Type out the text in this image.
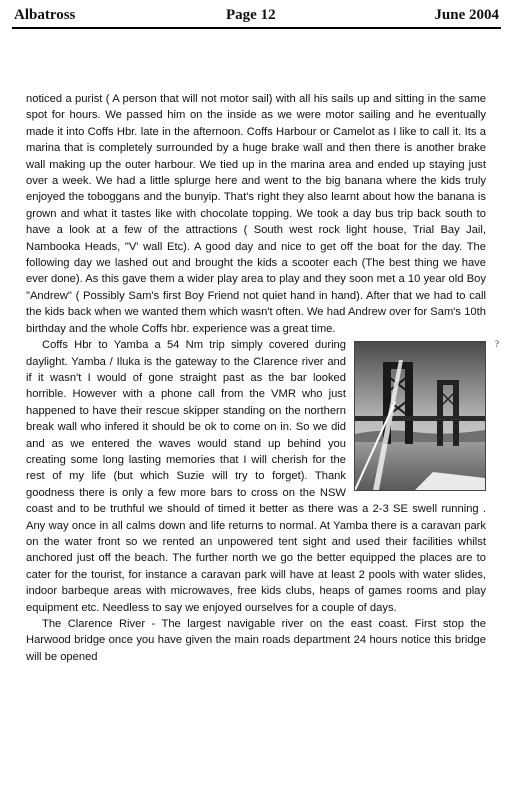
Albatross	Page 12	June 2004

noticed a purist ( A person that will not motor sail) with all his sails up and sitting in the same spot for hours. We passed him on the inside as we were motor sailing and he eventually made it into Coffs Hbr. late in the afternoon. Coffs Harbour or Camelot as I like to call it. Its a marina that is completely surrounded by a huge brake wall and then there is another brake wall making up the outer harbour. We tied up in the marina area and ended up staying just over a week. We had a little splurge here and went to the big banana where the kids truly enjoyed the toboggans and the bunyip. That's right they also learnt about how the banana is grown and what it tastes like with chocolate topping. We took a day bus trip back south to have a look at a few of the attractions ( South west rock light house, Trial Bay Jail, Nambooka Heads, "V' wall Etc). A good day and nice to get off the boat for the day. The following day we lashed out and brought the kids a scooter each (The best thing we have ever done). As this gave them a wider play area to play and they soon met a 10 year old Boy "Andrew" ( Possibly Sam's first Boy Friend not quiet hand in hand). After that we had to call the kids back when we wanted them which wasn't often. We had Andrew over for Sam's 10th birthday and the whole Coffs hbr. experience was a great time.

Coffs Hbr to Yamba a 54 Nm trip simply covered during daylight. Yamba / Iluka is the gateway to the Clarence river and if it wasn't I would of gone straight past as the bar looked horrible. However with a phone call from the VMR who just happened to have their rescue skipper standing on the northern break wall who infered it should be ok to come on in. So we did and as we entered the waves would stand up behind you creating some long lasting memories that I will cherish for the rest of my life (but which Suzie will try to forget). Thank goodness there is only a few more bars to cross on the NSW coast and to be truthful we should of timed it better as there was a 2-3 SE swell running . Any way once in all calms down and life returns to normal. At Yamba there is a caravan park on the water front so we rented an unpowered tent sight and used their facilities whilst anchored just off the beach. The further north we go the better equipped the places are to cater for the tourist, for instance a caravan park will have at least 2 pools with water slides, indoor barbeque areas with microwaves, free kids clubs, heaps of games rooms and play equipment etc. Needless to say we enjoyed ourselves for a couple of days.

The Clarence River - The largest navigable river on the east coast. First stop the Harwood bridge once you have given the main roads department 24 hours notice this bridge will be opened

?
